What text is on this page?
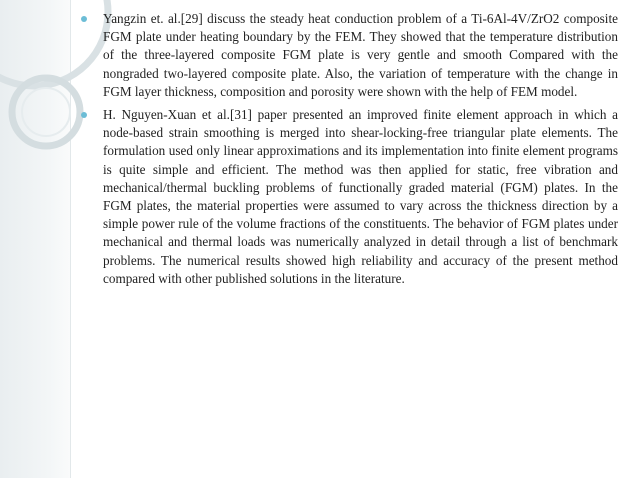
Yangzin et. al.[29] discuss the steady heat conduction problem of a Ti-6Al-4V/ZrO2 composite FGM plate under heating boundary by the FEM. They showed that the temperature distribution of the three-layered composite FGM plate is very gentle and smooth Compared with the nongraded two-layered composite plate. Also, the variation of temperature with the change in FGM layer thickness, composition and porosity were shown with the help of FEM model.

H. Nguyen-Xuan et al.[31] paper presented an improved finite element approach in which a node-based strain smoothing is merged into shear-locking-free triangular plate elements. The formulation used only linear approximations and its implementation into finite element programs is quite simple and efficient. The method was then applied for static, free vibration and mechanical/thermal buckling problems of functionally graded material (FGM) plates. In the FGM plates, the material properties were assumed to vary across the thickness direction by a simple power rule of the volume fractions of the constituents. The behavior of FGM plates under mechanical and thermal loads was numerically analyzed in detail through a list of benchmark problems. The numerical results showed high reliability and accuracy of the present method compared with other published solutions in the literature.
